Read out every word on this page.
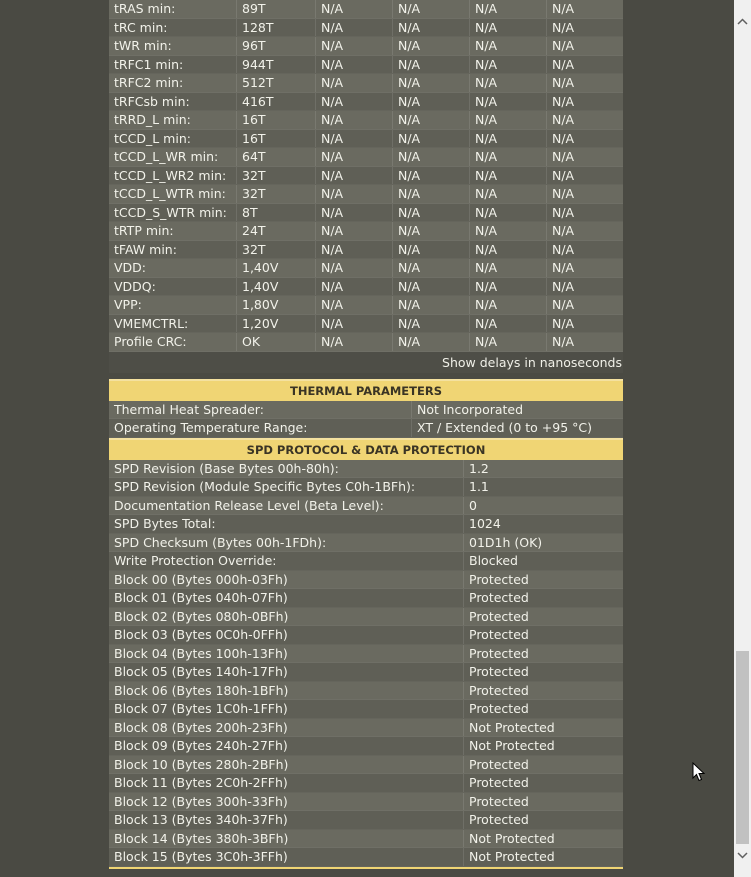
tRAS min:	89T	N/A	N/A	N/A	N/A
tRC min:	128T	N/A	N/A	N/A	N/A
tWR min:	96T	N/A	N/A	N/A	N/A
tRFC1 min:	944T	N/A	N/A	N/A	N/A
tRFC2 min:	512T	N/A	N/A	N/A	N/A
tRFCsb min:	416T	N/A	N/A	N/A	N/A
tRRD_L min:	16T	N/A	N/A	N/A	N/A
tCCD_L min:	16T	N/A	N/A	N/A	N/A
tCCD_L_WR min:	64T	N/A	N/A	N/A	N/A
tCCD_L_WR2 min:	32T	N/A	N/A	N/A	N/A
tCCD_L_WTR min:	32T	N/A	N/A	N/A	N/A
tCCD_S_WTR min:	8T	N/A	N/A	N/A	N/A
tRTP min:	24T	N/A	N/A	N/A	N/A
tFAW min:	32T	N/A	N/A	N/A	N/A
VDD:	1,40V	N/A	N/A	N/A	N/A
VDDQ:	1,40V	N/A	N/A	N/A	N/A
VPP:	1,80V	N/A	N/A	N/A	N/A
VMEMCTRL:	1,20V	N/A	N/A	N/A	N/A
Profile CRC:	OK	N/A	N/A	N/A	N/A
Show delays in nanoseconds
THERMAL PARAMETERS
Thermal Heat Spreader:	Not Incorporated
Operating Temperature Range:	XT / Extended (0 to +95 °C)
SPD PROTOCOL & DATA PROTECTION
SPD Revision (Base Bytes 00h-80h):	1.2
SPD Revision (Module Specific Bytes C0h-1BFh):	1.1
Documentation Release Level (Beta Level):	0
SPD Bytes Total:	1024
SPD Checksum (Bytes 00h-1FDh):	01D1h (OK)
Write Protection Override:	Blocked
Block 00 (Bytes 000h-03Fh)	Protected
Block 01 (Bytes 040h-07Fh)	Protected
Block 02 (Bytes 080h-0BFh)	Protected
Block 03 (Bytes 0C0h-0FFh)	Protected
Block 04 (Bytes 100h-13Fh)	Protected
Block 05 (Bytes 140h-17Fh)	Protected
Block 06 (Bytes 180h-1BFh)	Protected
Block 07 (Bytes 1C0h-1FFh)	Protected
Block 08 (Bytes 200h-23Fh)	Not Protected
Block 09 (Bytes 240h-27Fh)	Not Protected
Block 10 (Bytes 280h-2BFh)	Protected
Block 11 (Bytes 2C0h-2FFh)	Protected
Block 12 (Bytes 300h-33Fh)	Protected
Block 13 (Bytes 340h-37Fh)	Protected
Block 14 (Bytes 380h-3BFh)	Not Protected
Block 15 (Bytes 3C0h-3FFh)	Not Protected
